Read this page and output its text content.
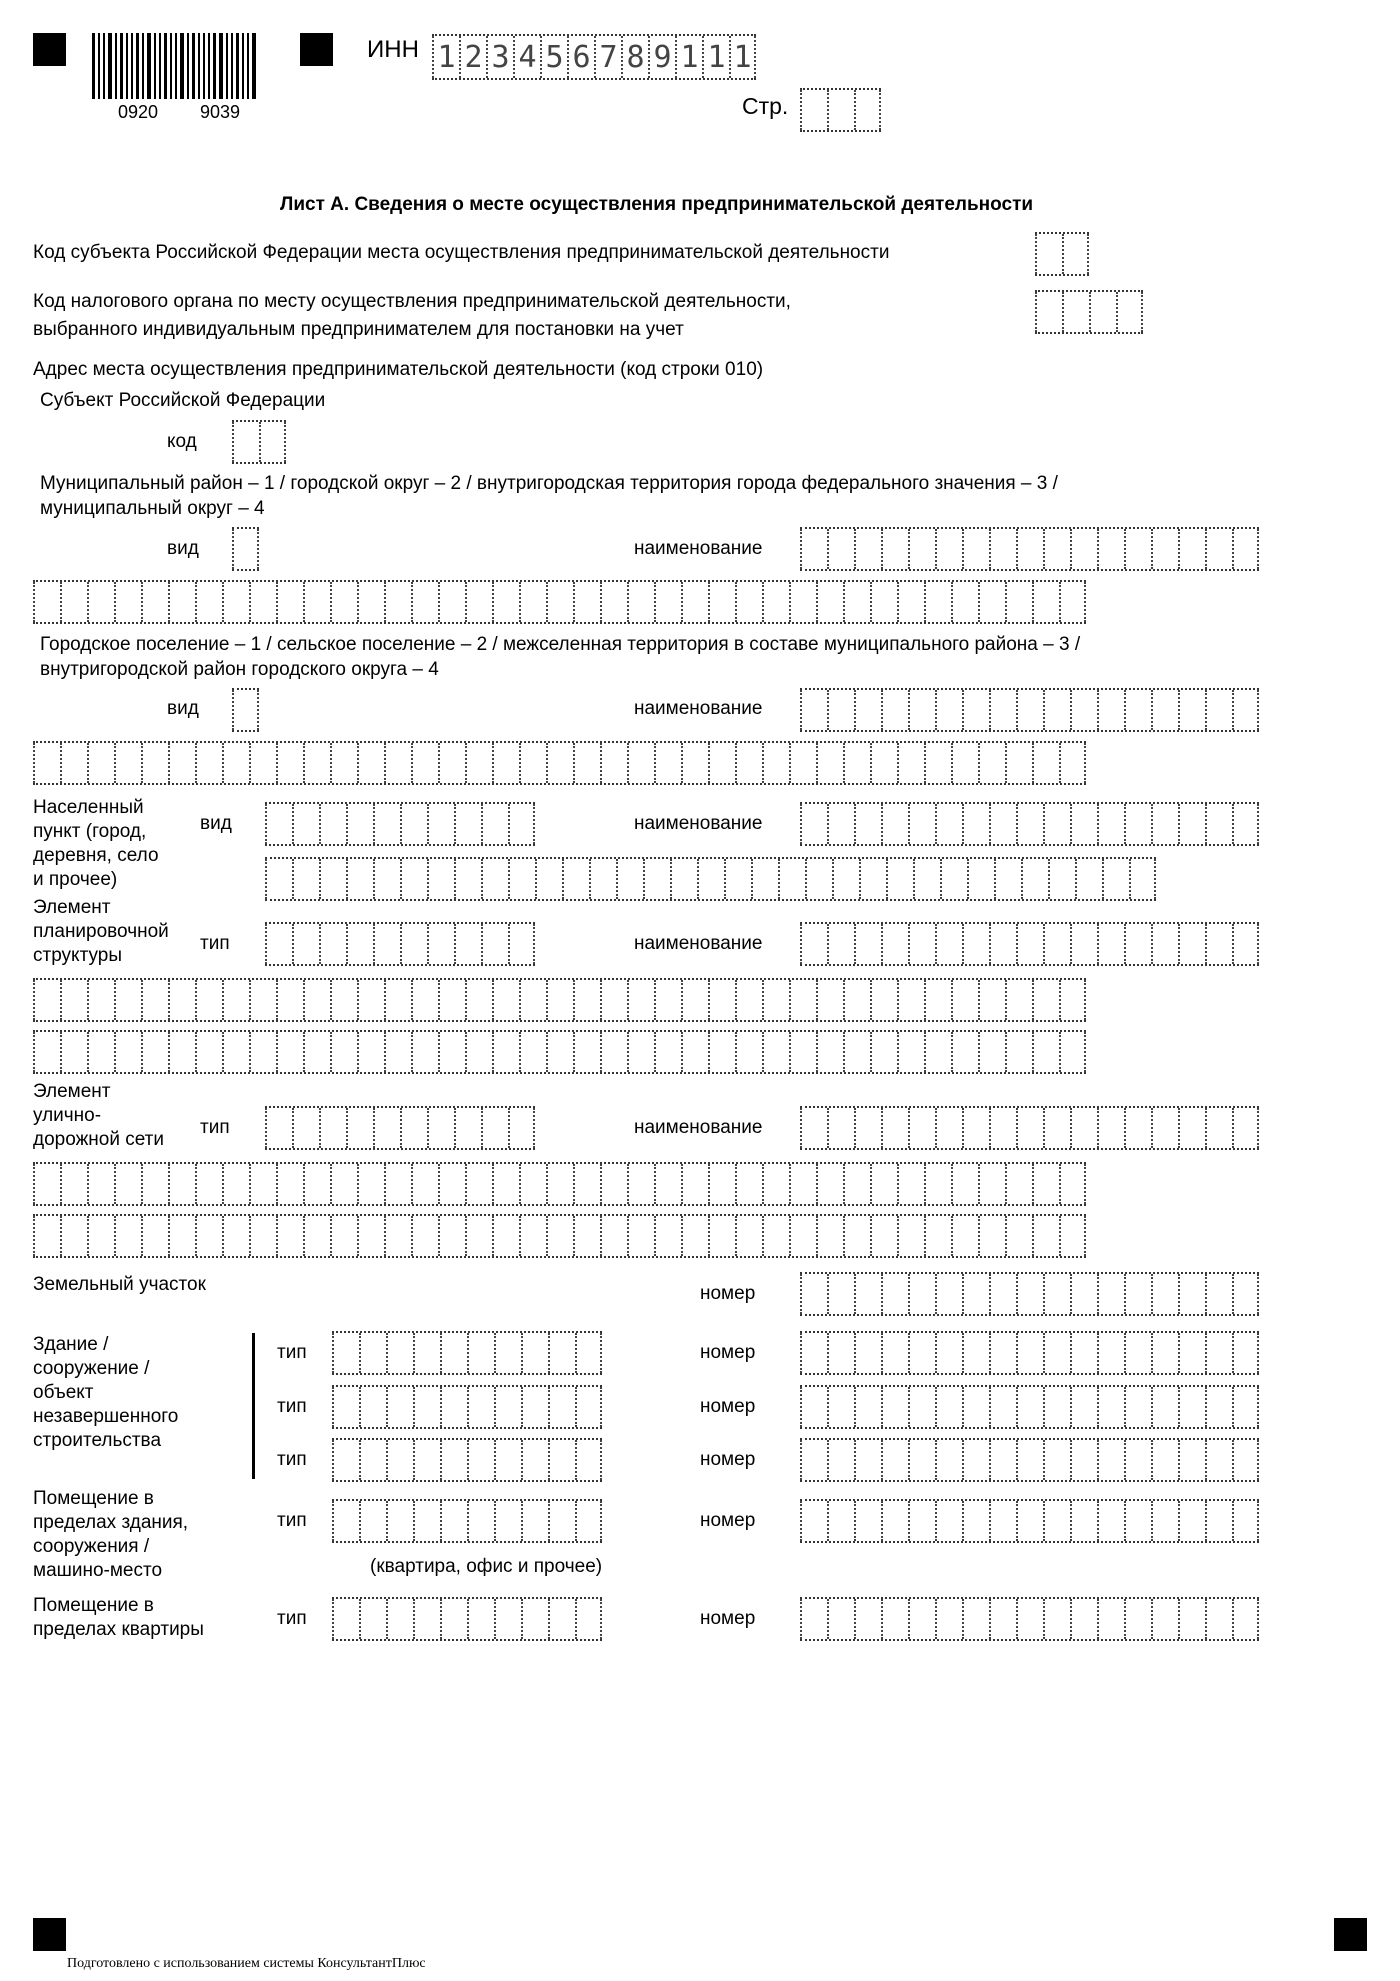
0920 9039
ИНН 1 2 3 4 5 6 7 8 9 1 1 1
Стр.
Лист А. Сведения о месте осуществления предпринимательской деятельности
Код субъекта Российской Федерации места осуществления предпринимательской деятельности
Код налогового органа по месту осуществления предпринимательской деятельности,
выбранного индивидуальным предпринимателем для постановки на учет
Адрес места осуществления предпринимательской деятельности (код строки 010)
Субъект Российской Федерации
код
Муниципальный район – 1 / городской округ – 2 / внутригородская территория города федерального значения – 3 /
муниципальный округ – 4
вид	наименование
Городское поселение – 1 / сельское поселение – 2 / межселенная территория в составе муниципального района – 3 /
внутригородской район городского округа – 4
вид	наименование
Населенный
пункт (город,
деревня, село
и прочее)
вид	наименование
Элемент
планировочной
структуры
тип	наименование
Элемент
улично-
дорожной сети
тип	наименование
Земельный участок	номер
Здание /
сооружение /
объект
незавершенного
строительства
тип	номер
тип	номер
тип	номер
Помещение в
пределах здания,
сооружения /
машино-место
тип	номер
(квартира, офис и прочее)
Помещение в
пределах квартиры
тип	номер
Подготовлено с использованием системы КонсультантПлюс
